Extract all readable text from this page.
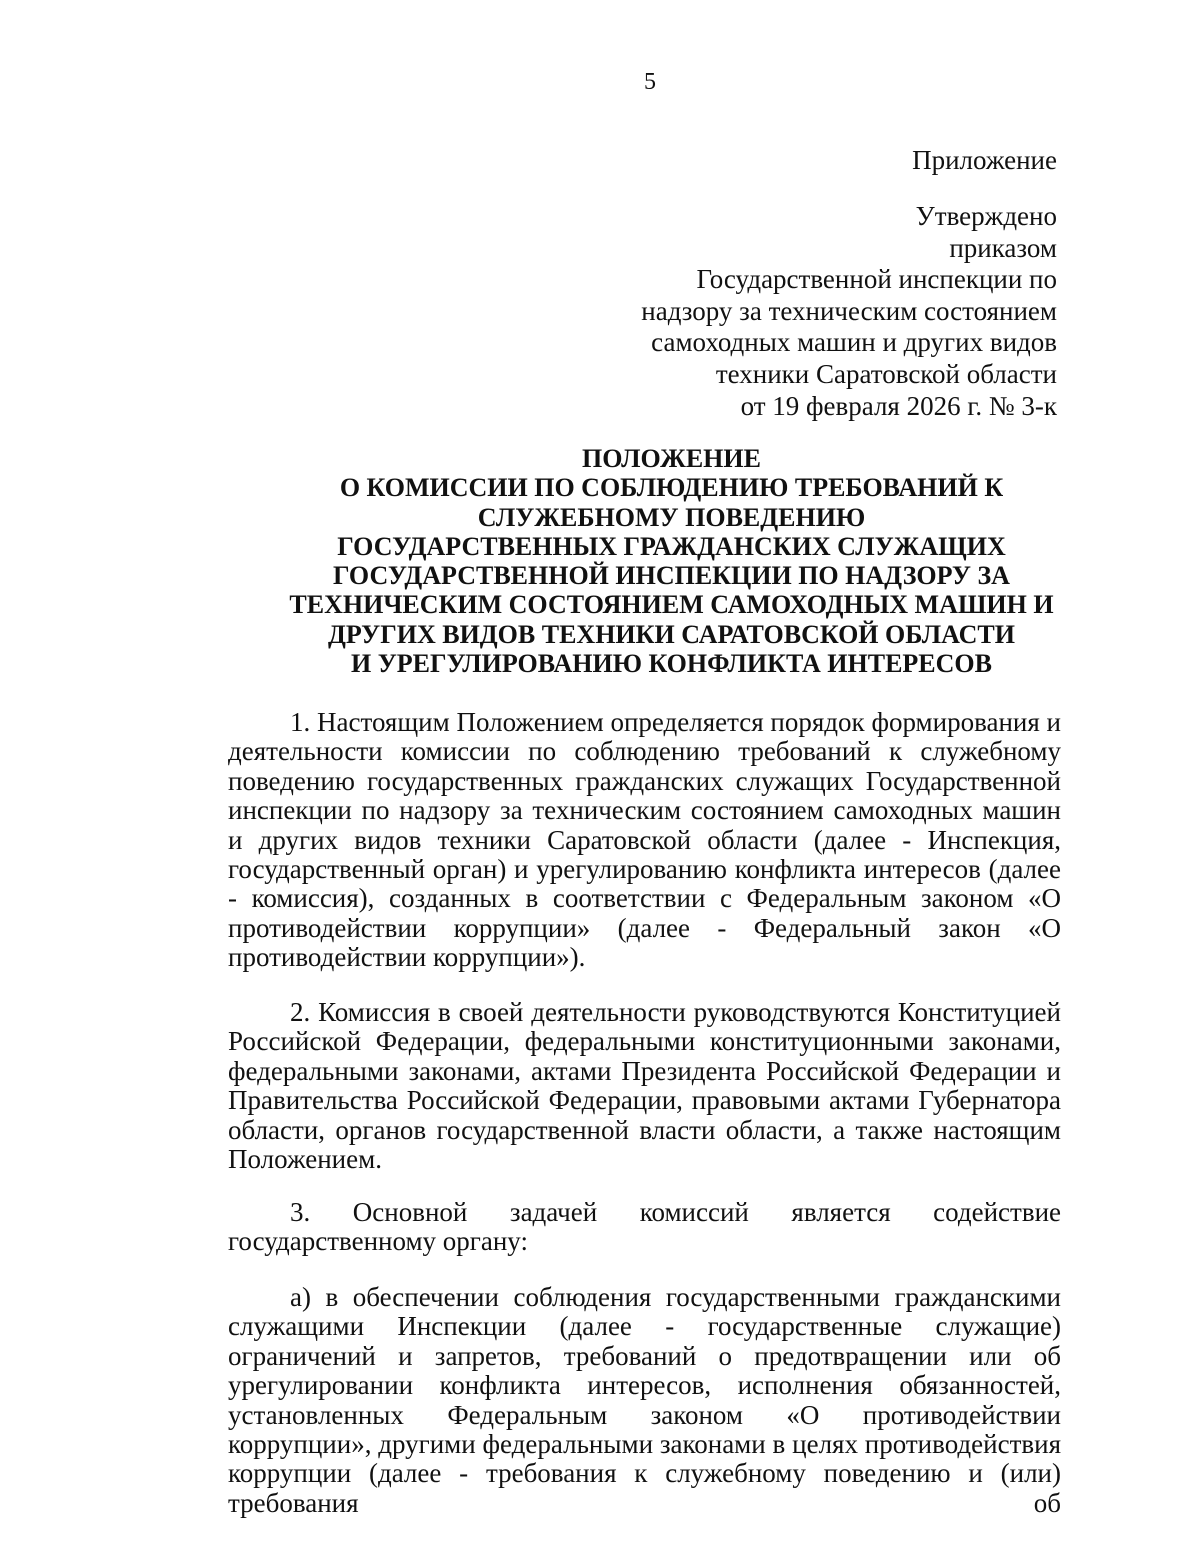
5
Приложение
Утверждено
приказом
Государственной инспекции по
надзору за техническим состоянием
самоходных машин и других видов
техники Саратовской области
от 19 февраля 2026 г. № 3-к
ПОЛОЖЕНИЕ
О КОМИССИИ ПО СОБЛЮДЕНИЮ ТРЕБОВАНИЙ К
СЛУЖЕБНОМУ ПОВЕДЕНИЮ
ГОСУДАРСТВЕННЫХ ГРАЖДАНСКИХ СЛУЖАЩИХ
ГОСУДАРСТВЕННОЙ ИНСПЕКЦИИ ПО НАДЗОРУ ЗА
ТЕХНИЧЕСКИМ СОСТОЯНИЕМ САМОХОДНЫХ МАШИН И
ДРУГИХ ВИДОВ ТЕХНИКИ САРАТОВСКОЙ ОБЛАСТИ
И УРЕГУЛИРОВАНИЮ КОНФЛИКТА ИНТЕРЕСОВ

1. Настоящим Положением определяется порядок формирования и деятельности комиссии по соблюдению требований к служебному поведению государственных гражданских служащих Государственной инспекции по надзору за техническим состоянием самоходных машин и других видов техники Саратовской области (далее - Инспекция, государственный орган) и урегулированию конфликта интересов (далее - комиссия), созданных в соответствии с Федеральным законом «О противодействии коррупции» (далее - Федеральный закон «О противодействии коррупции»).

2. Комиссия в своей деятельности руководствуются Конституцией Российской Федерации, федеральными конституционными законами, федеральными законами, актами Президента Российской Федерации и Правительства Российской Федерации, правовыми актами Губернатора области, органов государственной власти области, а также настоящим Положением.

3. Основной задачей комиссий является содействие

государственному органу:

а) в обеспечении соблюдения государственными гражданскими служащими Инспекции (далее - государственные служащие) ограничений и запретов, требований о предотвращении или об урегулировании конфликта интересов, исполнения обязанностей, установленных Федеральным законом «О противодействии коррупции», другими федеральными законами в целях противодействия коррупции (далее - требования к служебному поведению и (или) требования об
